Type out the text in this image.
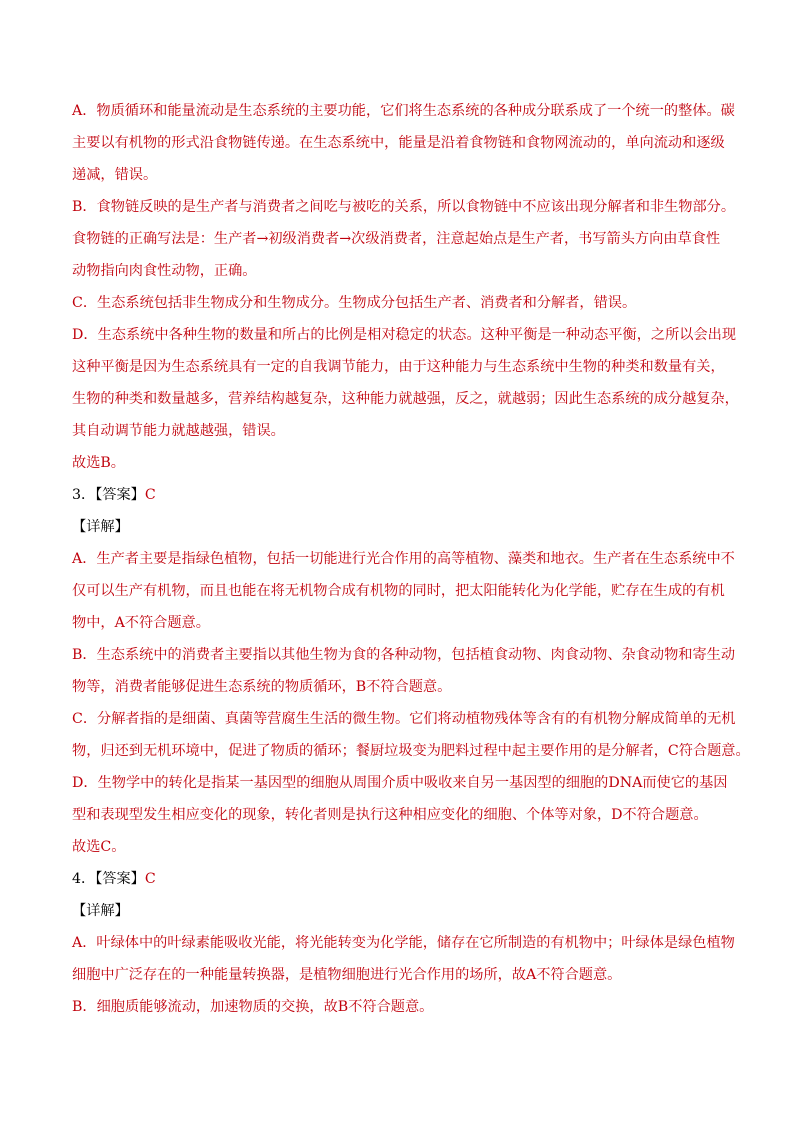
A．物质循环和能量流动是生态系统的主要功能，它们将生态系统的各种成分联系成了一个统一的整体。碳

主要以有机物的形式沿食物链传递。在生态系统中，能量是沿着食物链和食物网流动的，单向流动和逐级

递减，错误。

B．食物链反映的是生产者与消费者之间吃与被吃的关系，所以食物链中不应该出现分解者和非生物部分。

食物链的正确写法是：生产者→初级消费者→次级消费者，注意起始点是生产者，书写箭头方向由草食性

动物指向肉食性动物，正确。

C．生态系统包括非生物成分和生物成分。生物成分包括生产者、消费者和分解者，错误。

D．生态系统中各种生物的数量和所占的比例是相对稳定的状态。这种平衡是一种动态平衡，之所以会出现

这种平衡是因为生态系统具有一定的自我调节能力，由于这种能力与生态系统中生物的种类和数量有关，

生物的种类和数量越多，营养结构越复杂，这种能力就越强，反之，就越弱；因此生态系统的成分越复杂，

其自动调节能力就越越强，错误。

故选B。

3．【答案】C

【详解】

A．生产者主要是指绿色植物，包括一切能进行光合作用的高等植物、藻类和地衣。生产者在生态系统中不

仅可以生产有机物，而且也能在将无机物合成有机物的同时，把太阳能转化为化学能，贮存在生成的有机

物中，A不符合题意。

B．生态系统中的消费者主要指以其他生物为食的各种动物，包括植食动物、肉食动物、杂食动物和寄生动

物等，消费者能够促进生态系统的物质循环，B不符合题意。

C．分解者指的是细菌、真菌等营腐生生活的微生物。它们将动植物残体等含有的有机物分解成简单的无机

物，归还到无机环境中，促进了物质的循环；餐厨垃圾变为肥料过程中起主要作用的是分解者，C符合题意。

D．生物学中的转化是指某一基因型的细胞从周围介质中吸收来自另一基因型的细胞的DNA而使它的基因

型和表现型发生相应变化的现象，转化者则是执行这种相应变化的细胞、个体等对象，D不符合题意。

故选C。

4．【答案】C

【详解】

A．叶绿体中的叶绿素能吸收光能，将光能转变为化学能，储存在它所制造的有机物中；叶绿体是绿色植物

细胞中广泛存在的一种能量转换器，是植物细胞进行光合作用的场所，故A不符合题意。

B．细胞质能够流动，加速物质的交换，故B不符合题意。
